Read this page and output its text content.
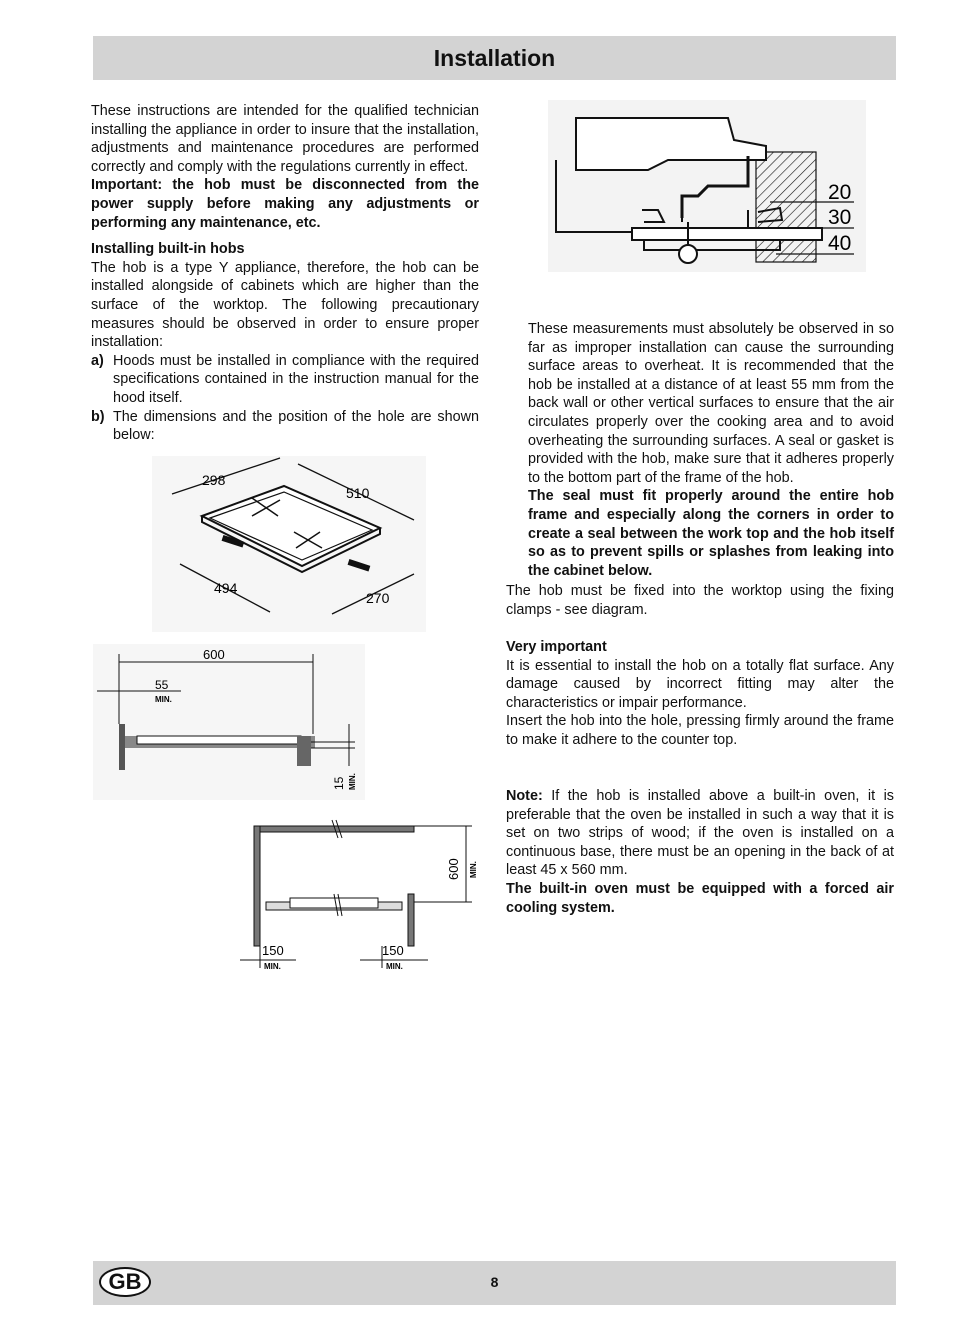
Installation

These instructions are intended for the qualified technician installing the appliance in order to insure that the installation, adjustments and maintenance procedures are performed correctly and comply with the regulations currently in effect.

Important: the hob must be disconnected from the power supply before making any adjustments or performing any maintenance, etc.

Installing built-in hobs

The hob is a type Y appliance, therefore, the hob can be installed alongside of cabinets which are higher than the surface of the worktop. The following precautionary measures should be observed in order to ensure proper installation:

a) Hoods must be installed in compliance with the required specifications contained in the instruction manual for the hood itself.
b) The dimensions and the position of the hole are shown below:
20
30
40
298
510
494
270
600
55
MIN.
15 MIN.
600 MIN.
150
MIN.
150
MIN.

These measurements must absolutely be observed in so far as improper installation can cause the surrounding surface areas to overheat. It is recommended that the hob be installed at a distance of at least 55 mm from the back wall or other vertical surfaces to ensure that the air circulates properly over the cooking area and to avoid overheating the surrounding surfaces. A seal or gasket is provided with the hob, make sure that it adheres properly to the bottom part of the frame of the hob.

The seal must fit properly around the entire hob frame and especially along the corners in order to create a seal between the work top and the hob itself so as to prevent spills or splashes from leaking into the cabinet below.

The hob must be fixed into the worktop using the fixing clamps - see diagram.

Very important

It is essential to install the hob on a totally flat surface. Any damage caused by incorrect fitting may alter the characteristics or impair performance.

Insert the hob into the hole, pressing firmly around the frame to make it adhere to the counter top.

Note: If the hob is installed above a built-in oven, it is preferable that the oven be installed in such a way that it is set on two strips of wood; if the oven is installed on a continuous base, there must be an opening in the back of at least 45 x 560 mm.

The built-in oven must be equipped with a forced air cooling system.

GB	8
